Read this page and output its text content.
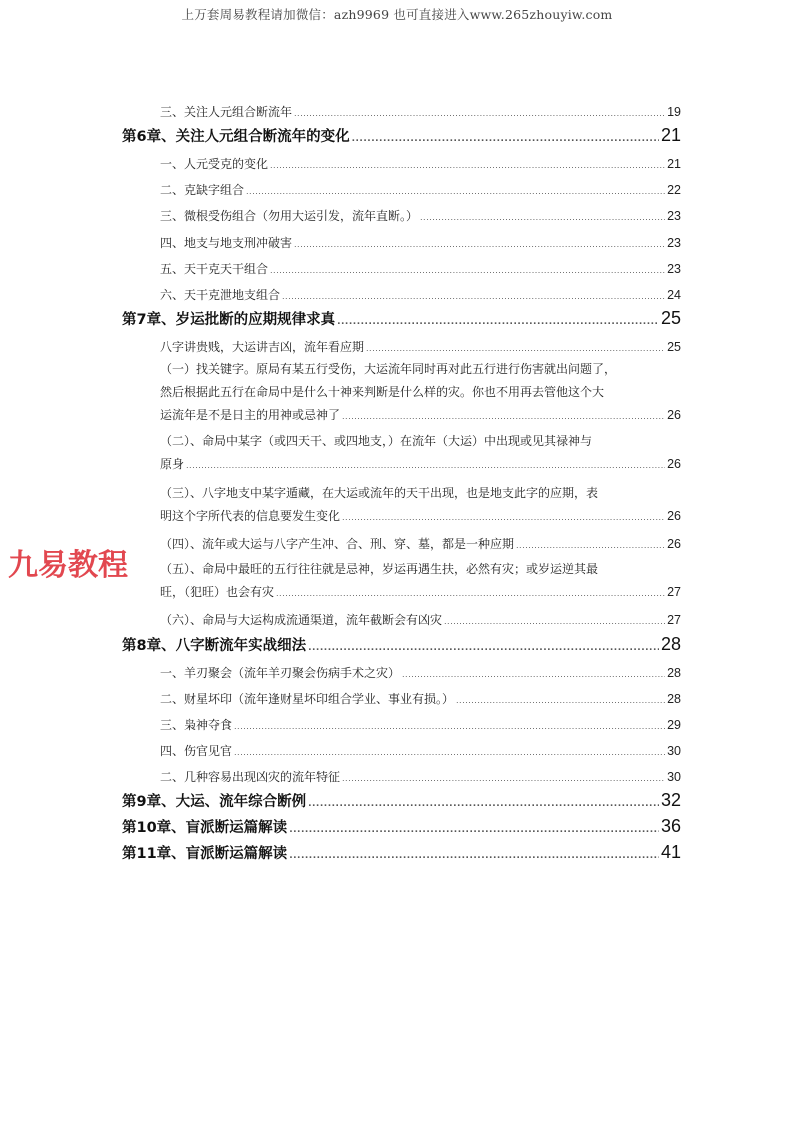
上万套周易教程请加微信：azh9969 也可直接进入www.265zhouyiw.com
九易教程
三、关注人元组合断流年 .....	19
第6章、关注人元组合断流年的变化 .....	21
一、人元受克的变化 .....	21
二、克缺字组合 .....	22
三、微根受伤组合（勿用大运引发，流年直断。） .....	23
四、地支与地支刑冲破害 .....	23
五、天干克天干组合 .....	23
六、天干克泄地支组合 .....	24
第7章、岁运批断的应期规律求真 .....	25
八字讲贵贱，大运讲吉凶，流年看应期 .....	25
（一）找关键字。原局有某五行受伤，大运流年同时再对此五行进行伤害就出问题了，
然后根据此五行在命局中是什么十神来判断是什么样的灾。你也不用再去管他这个大
运流年是不是日主的用神或忌神了 .....	26
（二）、命局中某字（或四天干、或四地支，）在流年（大运）中出现或见其禄神与
原身 .....	26
（三）、八字地支中某字遁藏，在大运或流年的天干出现，也是地支此字的应期，表
明这个字所代表的信息要发生变化 .....	26
（四）、流年或大运与八字产生冲、合、刑、穿、墓，都是一种应期 .....	26
（五）、命局中最旺的五行往往就是忌神，岁运再遇生扶，必然有灾；或岁运逆其最
旺，（犯旺）也会有灾 .....	27
（六）、命局与大运构成流通渠道，流年截断会有凶灾 .....	27
第8章、八字断流年实战细法 .....	28
一、羊刃聚会（流年羊刃聚会伤病手术之灾） .....	28
二、财星坏印（流年逢财星坏印组合学业、事业有损。） .....	28
三、枭神夺食 .....	29
四、伤官见官 .....	30
二、几种容易出现凶灾的流年特征 .....	30
第9章、大运、流年综合断例 .....	32
第10章、盲派断运篇解读 .....	36
第11章、盲派断运篇解读 .....	41
